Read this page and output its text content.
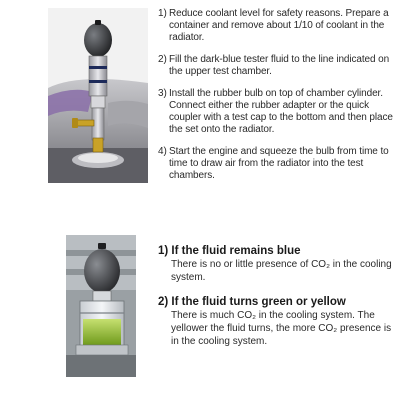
1) Reduce coolant level for safety reasons. Prepare a container and remove about 1/10 of coolant in the radiator.
2) Fill the dark-blue tester fluid to the line indicated on the upper test chamber.
3) Install the rubber bulb on top of chamber cylinder. Connect either the rubber adapter or the quick coupler with a test cap to the bottom and then place the set onto the radiator.
4) Start the engine and squeeze the bulb from time to time to draw air from the radiator into the test chambers.
1) If the fluid remains blue
There is no or little presence of CO₂ in the cooling system.
2) If the fluid turns green or yellow
There is much CO₂ in the cooling system. The yellower the fluid turns, the more CO₂ presence is in the cooling system.
